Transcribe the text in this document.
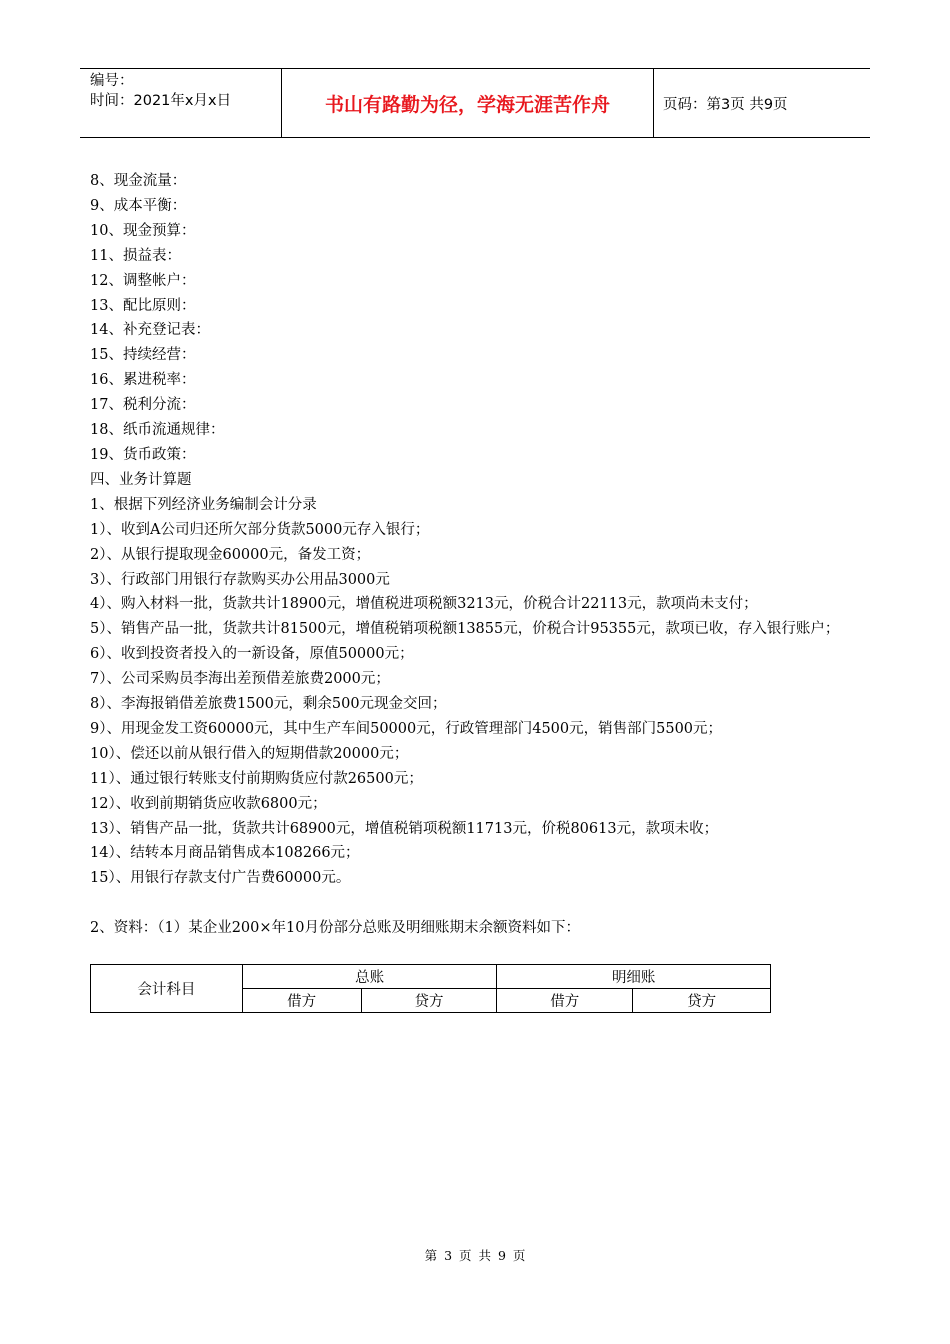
编号：
时间：2021年x月x日	书山有路勤为径，学海无涯苦作舟	页码：第3页 共9页
8、现金流量：
9、成本平衡：
10、现金预算：
11、损益表：
12、调整帐户：
13、配比原则：
14、补充登记表：
15、持续经营：
16、累进税率：
17、税利分流：
18、纸币流通规律：
19、货币政策：
四、业务计算题
1、根据下列经济业务编制会计分录
1）、收到A公司归还所欠部分货款5000元存入银行；
2）、从银行提取现金60000元，备发工资；
3）、行政部门用银行存款购买办公用品3000元
4）、购入材料一批，货款共计18900元，增值税进项税额3213元，价税合计22113元，款项尚未支付；
5）、销售产品一批，货款共计81500元，增值税销项税额13855元，价税合计95355元，款项已收，存入银行账户；
6）、收到投资者投入的一新设备，原值50000元；
7）、公司采购员李海出差预借差旅费2000元；
8）、李海报销借差旅费1500元，剩余500元现金交回；
9）、用现金发工资60000元，其中生产车间50000元，行政管理部门4500元，销售部门5500元；
10）、偿还以前从银行借入的短期借款20000元；
11）、通过银行转账支付前期购货应付款26500元；
12）、收到前期销货应收款6800元；
13）、销售产品一批，货款共计68900元，增值税销项税额11713元，价税80613元，款项未收；
14）、结转本月商品销售成本108266元；
15）、用银行存款支付广告费60000元。
2、资料：（1）某企业200×年10月份部分总账及明细账期末余额资料如下：
会计科目	总账		明细账	
	借方	贷方	借方	贷方
第 3 页 共 9 页
